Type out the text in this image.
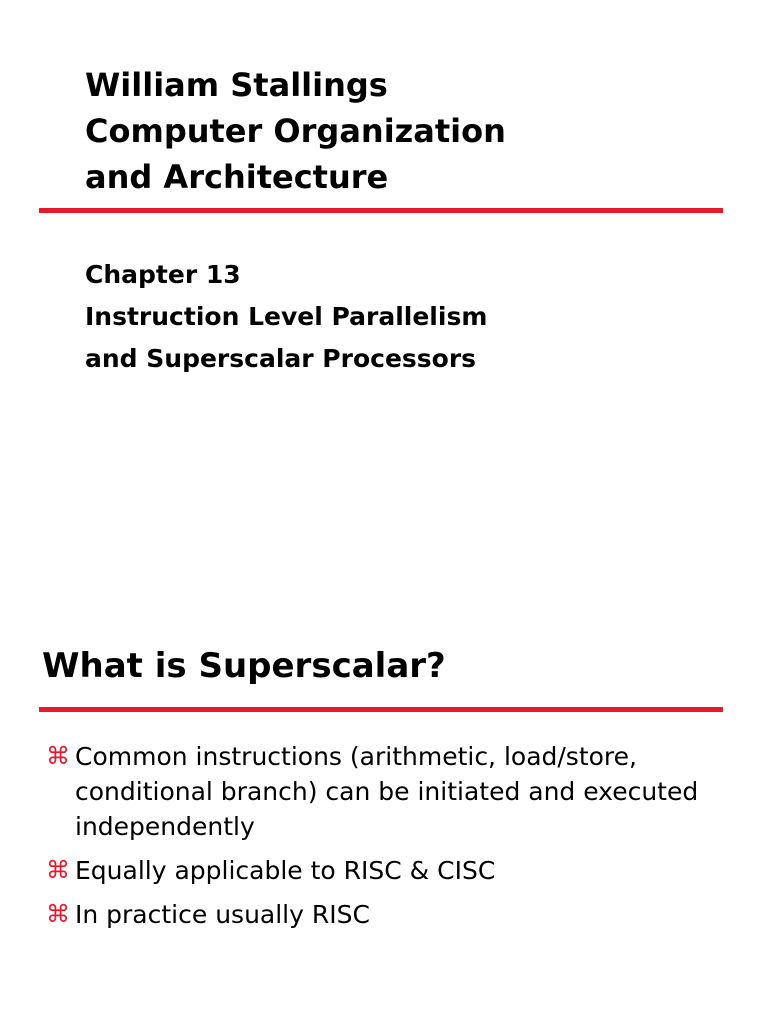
William Stallings
Computer Organization
and Architecture
Chapter 13
Instruction Level Parallelism
and Superscalar Processors
What is Superscalar?
⌘ Common instructions (arithmetic, load/store, conditional branch) can be initiated and executed independently
⌘ Equally applicable to RISC & CISC
⌘ In practice usually RISC
